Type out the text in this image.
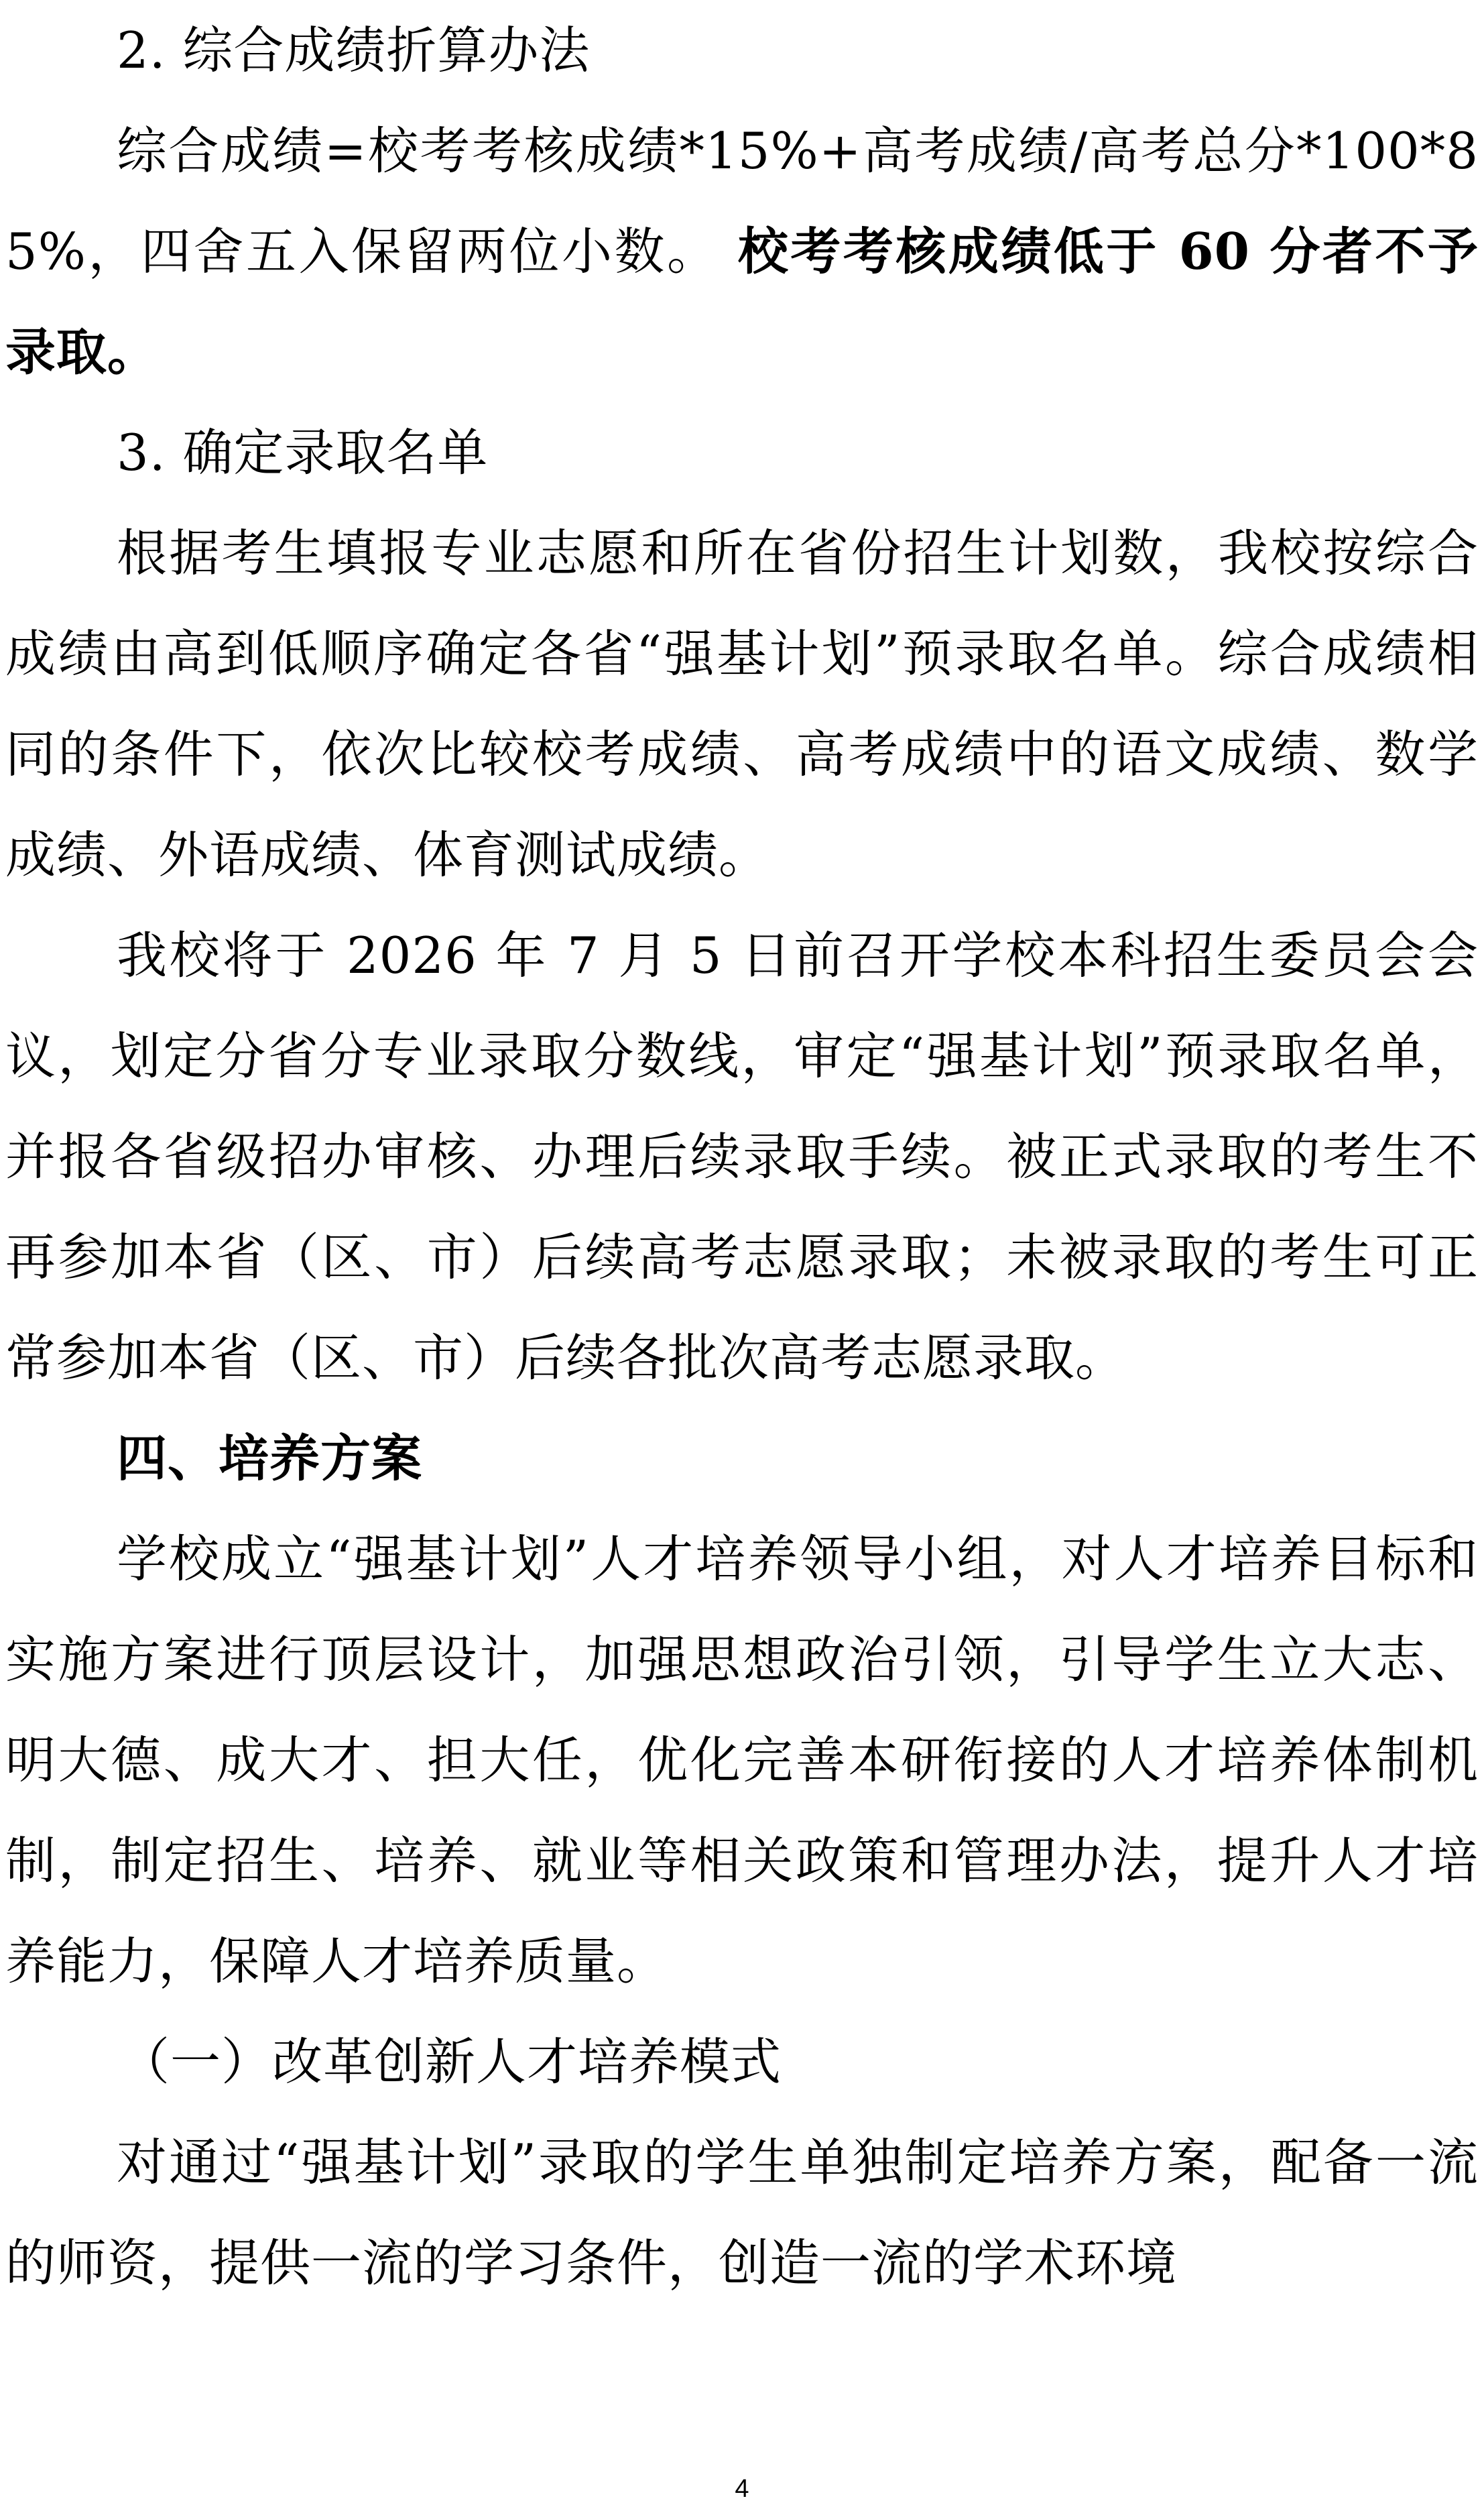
2. 综合成绩折算办法

综合成绩=校考考核成绩*15%+高考成绩/高考总分*100*85%，四舍五入保留两位小数。 校考考核成绩低于 60 分者不予录取。

3. 确定录取名单

根据考生填报专业志愿和所在省份招生计划数，我校按综合成绩由高到低顺序确定各省“强基计划”预录取名单。综合成绩相同的条件下，依次比较校考成绩、高考成绩中的语文成绩、数学成绩、外语成绩、体育测试成绩。

我校将于 2026 年 7 月 5 日前召开学校本科招生委员会会议，划定分省分专业录取分数线，审定“强基计划”预录取名单，并报各省级招办审核、办理后续录取手续。被正式录取的考生不再参加本省（区、市）后续高考志愿录取；未被录取的考生可正常参加本省（区、市）后续各批次高考志愿录取。

四、培养方案

学校成立“强基计划”人才培养领导小组，对人才培养目标和实施方案进行顶层设计，加强思想政治引领，引导学生立大志、明大德、成大才、担大任，优化完善本研衔接的人才培养体制机制，制定招生、培养、就业等相关政策和管理办法，提升人才培养能力，保障人才培养质量。

（一）改革创新人才培养模式

对通过“强基计划”录取的学生单独制定培养方案，配备一流的师资，提供一流的学习条件，创造一流的学术环境

4
